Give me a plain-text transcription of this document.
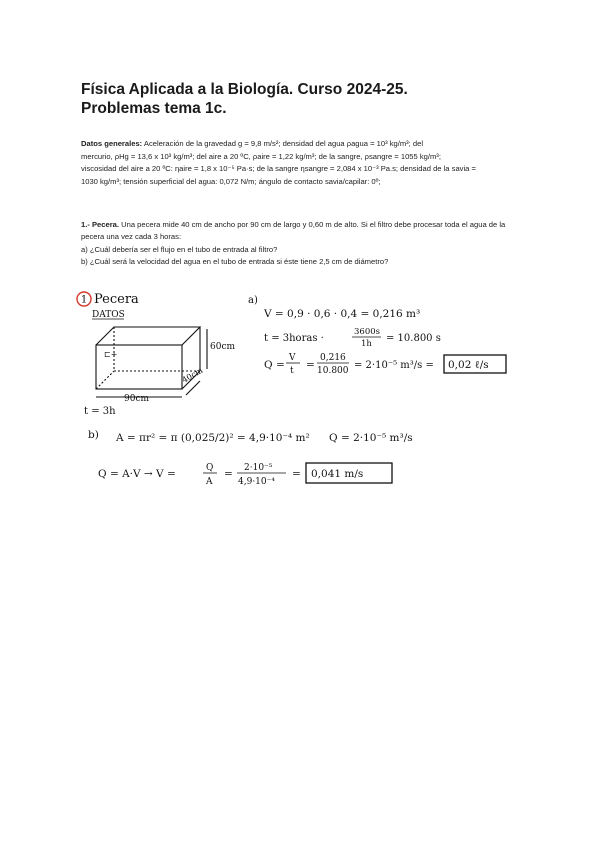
Física Aplicada a la Biología. Curso 2024-25.
Problemas tema 1c.
Datos generales: Aceleración de la gravedad g = 9,8 m/s²; densidad del agua ρagua = 10³ kg/m³; del
mercurio, ρHg = 13,6 x 10³ kg/m³; del aire a 20 ºC, ρaire = 1,22 kg/m³; de la sangre, ρsangre = 1055 kg/m³;
viscosidad del aire a 20 ºC: ηaire = 1,8 x 10⁻⁵ Pa·s; de la sangre ηsangre = 2,084 x 10⁻³ Pa.s; densidad de la savia =
1030 kg/m³; tensión superficial del agua: 0,072 N/m; ángulo de contacto savia/capilar: 0º;

1.- Pecera. Una pecera mide 40 cm de ancho por 90 cm de largo y 0,60 m de alto. Si el filtro debe procesar toda el agua de la pecera una vez cada 3 horas:

a) ¿Cuál debería ser el flujo en el tubo de entrada al filtro?

b) ¿Cuál será la velocidad del agua en el tubo de entrada si éste tiene 2,5 cm de diámetro?

1 Pecera
DATOS
⊏+
60cm
90cm
40cm
t = 3h
a)
V = 0,9 · 0,6 · 0,4 = 0,216 m³
t = 3horas ·
3600s
1h = 10.800 s
Q =
V
t =
0,216
10.800 = 2·10⁻⁵ m³/s = 0,02 ℓ/s
b) A = πr² = π (0,025/2)² = 4,9·10⁻⁴ m² Q = 2·10⁻⁵ m³/s
Q = A·V → V =	Q
A
= 2·10⁻⁵
4,9·10⁻⁴
= 0,041 m/s
